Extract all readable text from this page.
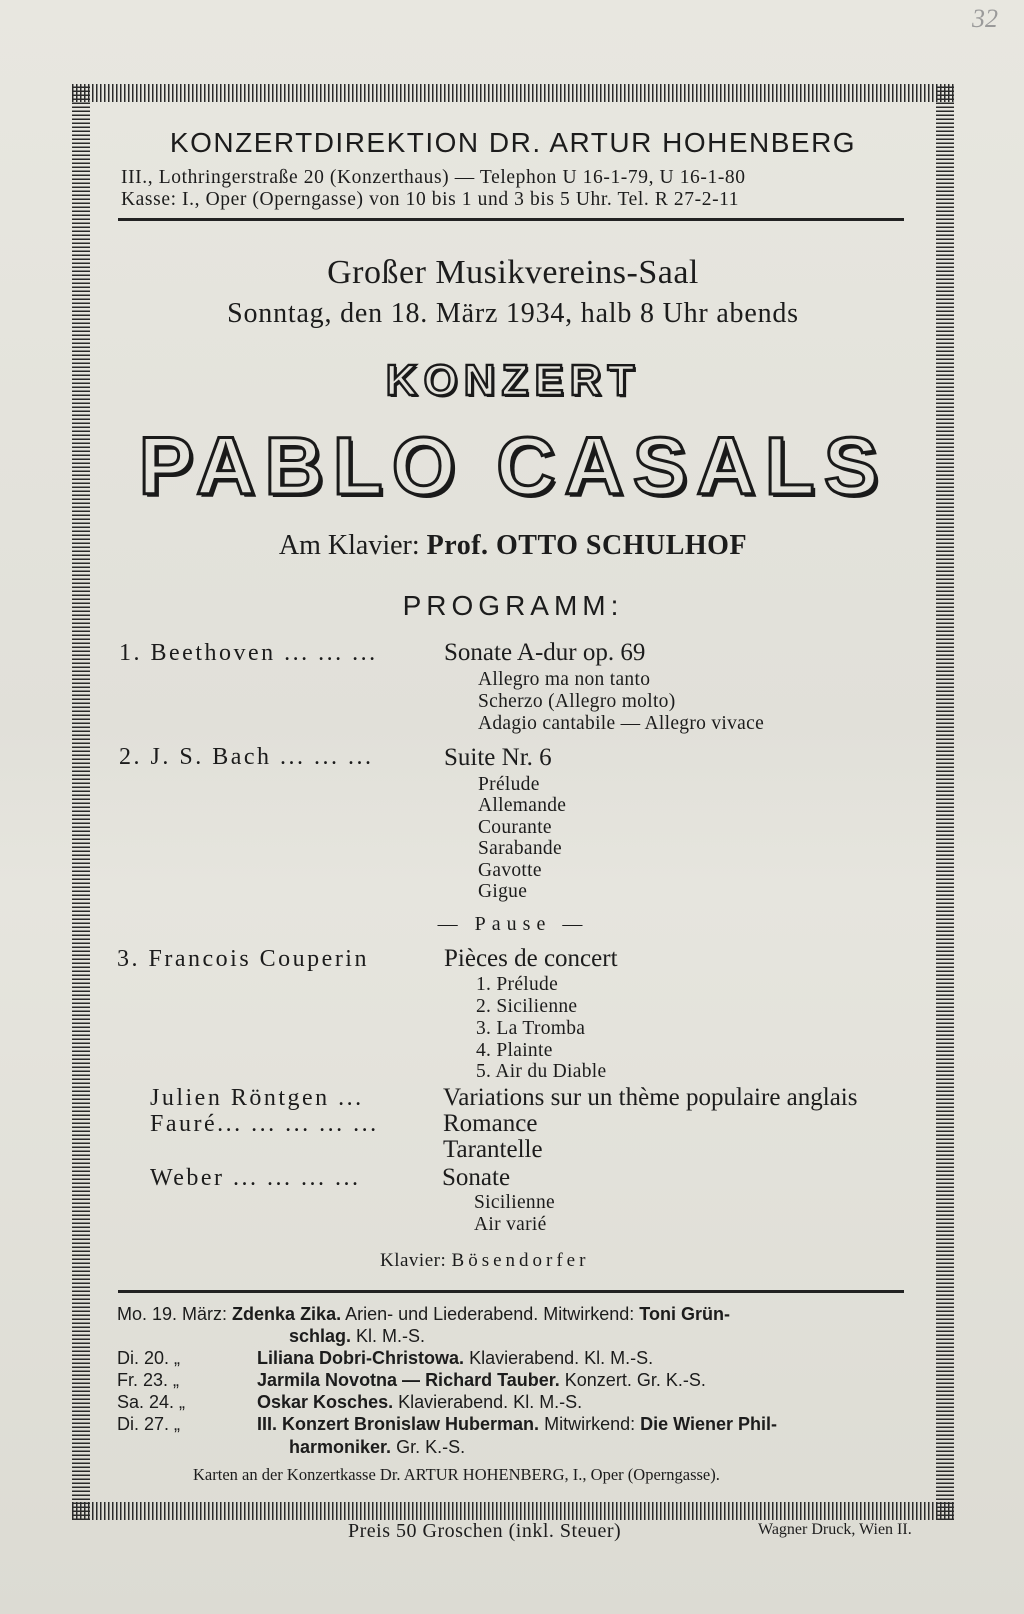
32
KONZERTDIREKTION DR. ARTUR HOHENBERG
III., Lothringerstraße 20 (Konzerthaus) — Telephon U 16-1-79, U 16-1-80
Kasse: I., Oper (Operngasse) von 10 bis 1 und 3 bis 5 Uhr. Tel. R 27-2-11
Großer Musikvereins-Saal
Sonntag, den 18. März 1934, halb 8 Uhr abends
KONZERT
PABLO CASALS
Am Klavier: Prof. OTTO SCHULHOF
PROGRAMM:
1. Beethoven ... ... ...	Sonate A-dur op. 69
Allegro ma non tanto
Scherzo (Allegro molto)
Adagio cantabile — Allegro vivace
2. J. S. Bach ... ... ...	Suite Nr. 6
Prélude
Allemande
Courante
Sarabande
Gavotte
Gigue
— Pause —
3. Francois Couperin	Pièces de concert
1. Prélude
2. Sicilienne
3. La Tromba
4. Plainte
5. Air du Diable
Julien Röntgen ...	Variations sur un thème populaire anglais
Fauré... ... ... ... ...	Romance
Tarantelle
Weber ... ... ... ...	Sonate
Sicilienne
Air varié
Klavier: Bösendorfer
Mo. 19. März: Zdenka Zika. Arien- und Liederabend. Mitwirkend: Toni Grün-
schlag. Kl. M.-S.
Di. 20. „	Liliana Dobri-Christowa. Klavierabend. Kl. M.-S.
Fr. 23. „	Jarmila Novotna — Richard Tauber. Konzert. Gr. K.-S.
Sa. 24. „	Oskar Kosches. Klavierabend. Kl. M.-S.
Di. 27. „	III. Konzert Bronislaw Huberman. Mitwirkend: Die Wiener Phil-
harmoniker. Gr. K.-S.
Karten an der Konzertkasse Dr. ARTUR HOHENBERG, I., Oper (Operngasse).
Preis 50 Groschen (inkl. Steuer)	Wagner Druck, Wien II.
